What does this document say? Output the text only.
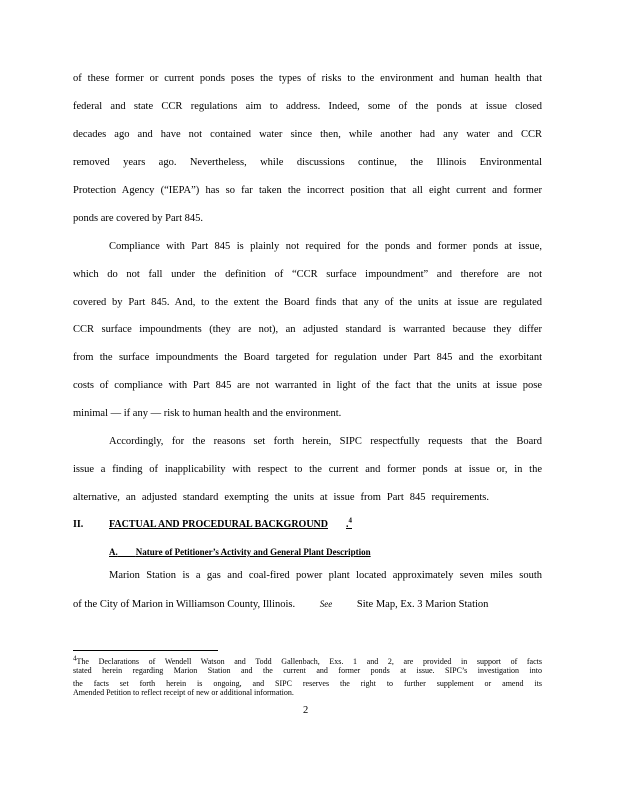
of these former or current ponds poses the types of risks to the environment and human health that
federal and state CCR regulations aim to address. Indeed, some of the ponds at issue closed
decades ago and have not contained water since then, while another had any water and CCR
removed years ago. Nevertheless, while discussions continue, the Illinois Environmental
Protection Agency (“IEPA”) has so far taken the incorrect position that all eight current and former
ponds are covered by Part 845.
Compliance with Part 845 is plainly not required for the ponds and former ponds at issue,
which do not fall under the definition of “CCR surface impoundment” and therefore are not
covered by Part 845. And, to the extent the Board finds that any of the units at issue are regulated
CCR surface impoundments (they are not), an adjusted standard is warranted because they differ
from the surface impoundments the Board targeted for regulation under Part 845 and the exorbitant
costs of compliance with Part 845 are not warranted in light of the fact that the units at issue pose
minimal — if any — risk to human health and the environment.
Accordingly, for the reasons set forth herein, SIPC respectfully requests that the Board
issue a finding of inapplicability with respect to the current and former ponds at issue or, in the
alternative, an adjusted standard exempting the units at issue from Part 845 requirements.
II.	FACTUAL AND PROCEDURAL BACKGROUND .$^4$
A. Nature of Petitioner’s Activity and General Plant Description
Marion Station is a gas and coal-fired power plant located approximately seven miles south
of the City of Marion in Williamson County, Illinois.	See Site Map, Ex. 3 Marion Station
$^4$The Declarations of Wendell Watson and Todd Gallenbach, Exs. 1 and 2, are provided in support of facts
stated herein regarding Marion Station and the current and former ponds at issue. SIPC’s investigation into
the facts set forth herein is ongoing, and SIPC reserves the right to further supplement or amend its
Amended Petition to reflect receipt of new or additional information.
2
